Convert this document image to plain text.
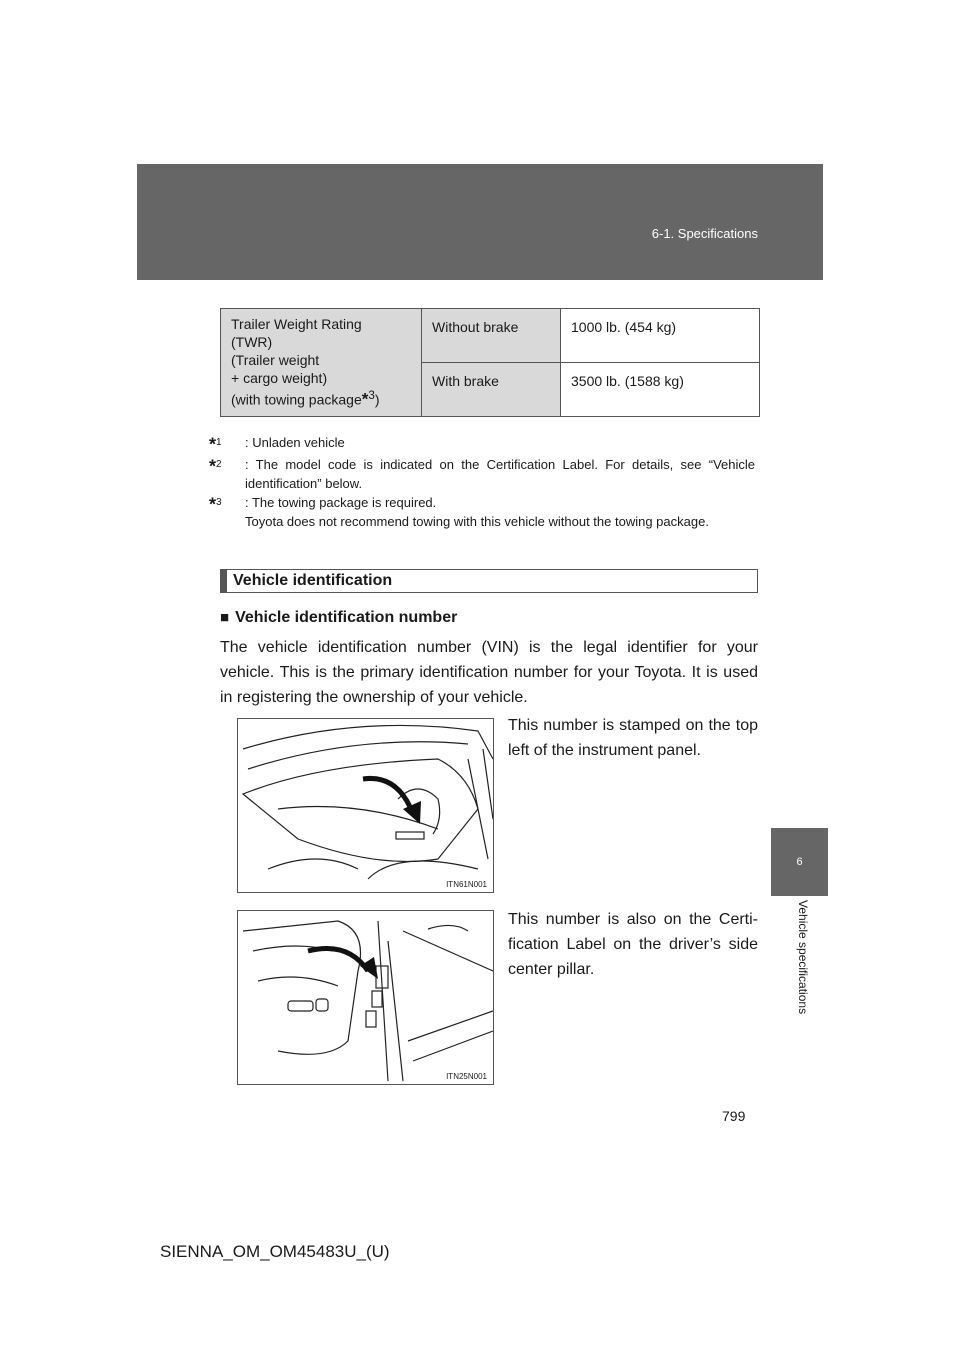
6-1. Specifications
6
Vehicle specifications
Trailer Weight Rating
(TWR)
(Trailer weight
+ cargo weight)
(with towing package*$^3$)	Without brake	1000 lb. (454 kg)
	With brake	3500 lb. (1588 kg)
*$^1$	: Unladen vehicle
*$^2$	: The model code is indicated on the Certification Label. For details, see “Vehicle identification” below.
*$^3$	: The towing package is required.
Toyota does not recommend towing with this vehicle without the towing package.
Vehicle identification
■ Vehicle identification number
The vehicle identification number (VIN) is the legal identifier for your vehicle. This is the primary identification number for your Toyota. It is used in registering the ownership of your vehicle.
ITN61N001
This number is stamped on the top left of the instrument panel.
ITN25N001
This number is also on the Certi-fication Label on the driver’s side center pillar.
799
SIENNA_OM_OM45483U_(U)
